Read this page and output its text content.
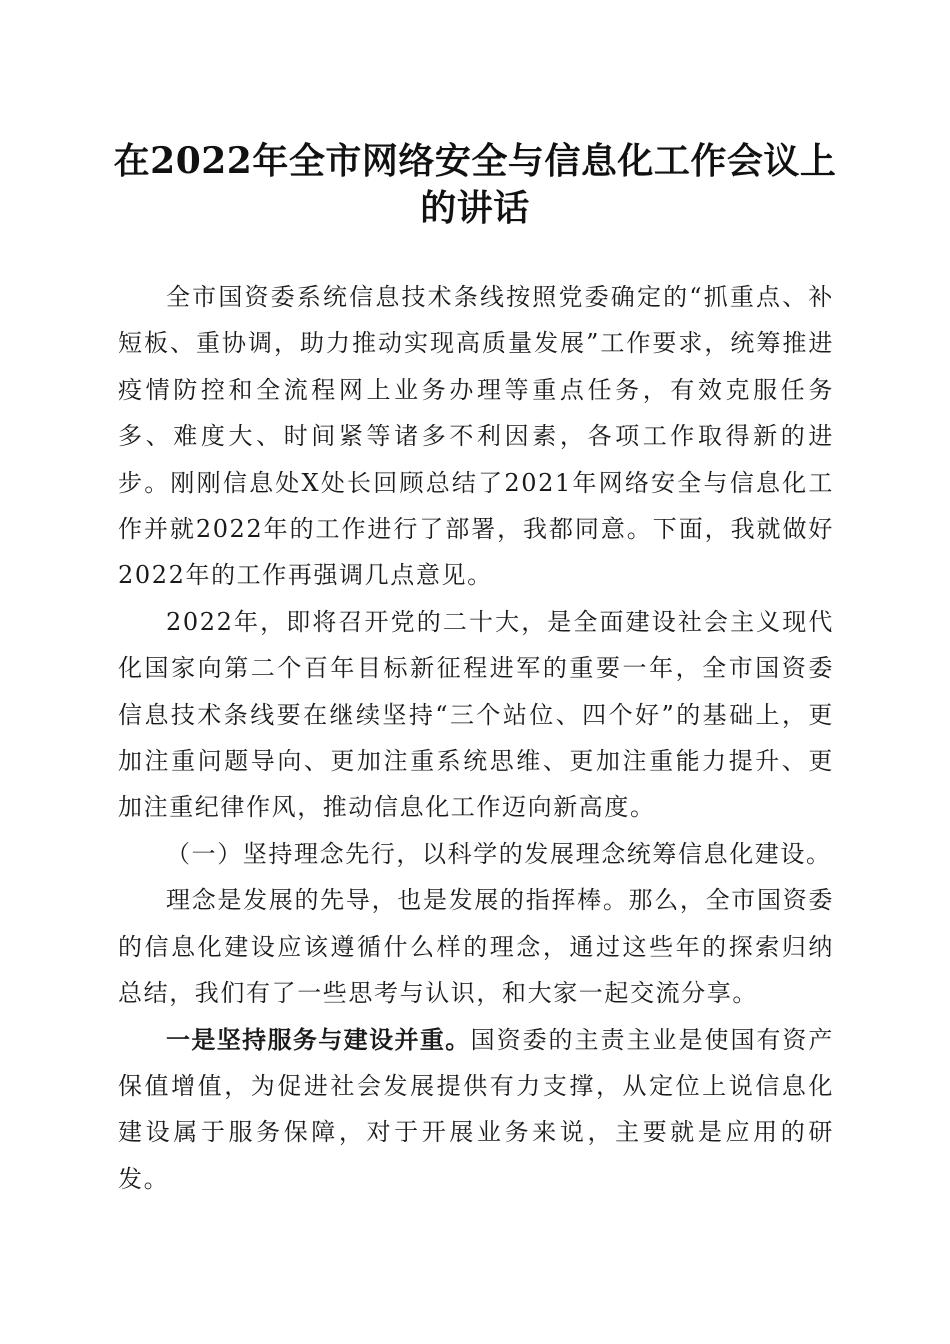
在2022年全市网络安全与信息化工作会议上
的讲话

全市国资委系统信息技术条线按照党委确定的“抓重点、补短板、重协调，助力推动实现高质量发展”工作要求，统筹推进疫情防控和全流程网上业务办理等重点任务，有效克服任务多、难度大、时间紧等诸多不利因素，各项工作取得新的进步。刚刚信息处X处长回顾总结了2021年网络安全与信息化工作并就2022年的工作进行了部署，我都同意。下面，我就做好2022年的工作再强调几点意见。

2022年，即将召开党的二十大，是全面建设社会主义现代化国家向第二个百年目标新征程进军的重要一年，全市国资委信息技术条线要在继续坚持“三个站位、四个好”的基础上，更加注重问题导向、更加注重系统思维、更加注重能力提升、更加注重纪律作风，推动信息化工作迈向新高度。

（一）坚持理念先行，以科学的发展理念统筹信息化建设。

理念是发展的先导，也是发展的指挥棒。那么，全市国资委的信息化建设应该遵循什么样的理念，通过这些年的探索归纳总结，我们有了一些思考与认识，和大家一起交流分享。

一是坚持服务与建设并重。国资委的主责主业是使国有资产保值增值，为促进社会发展提供有力支撑，从定位上说信息化建设属于服务保障，对于开展业务来说，主要就是应用的研发。
